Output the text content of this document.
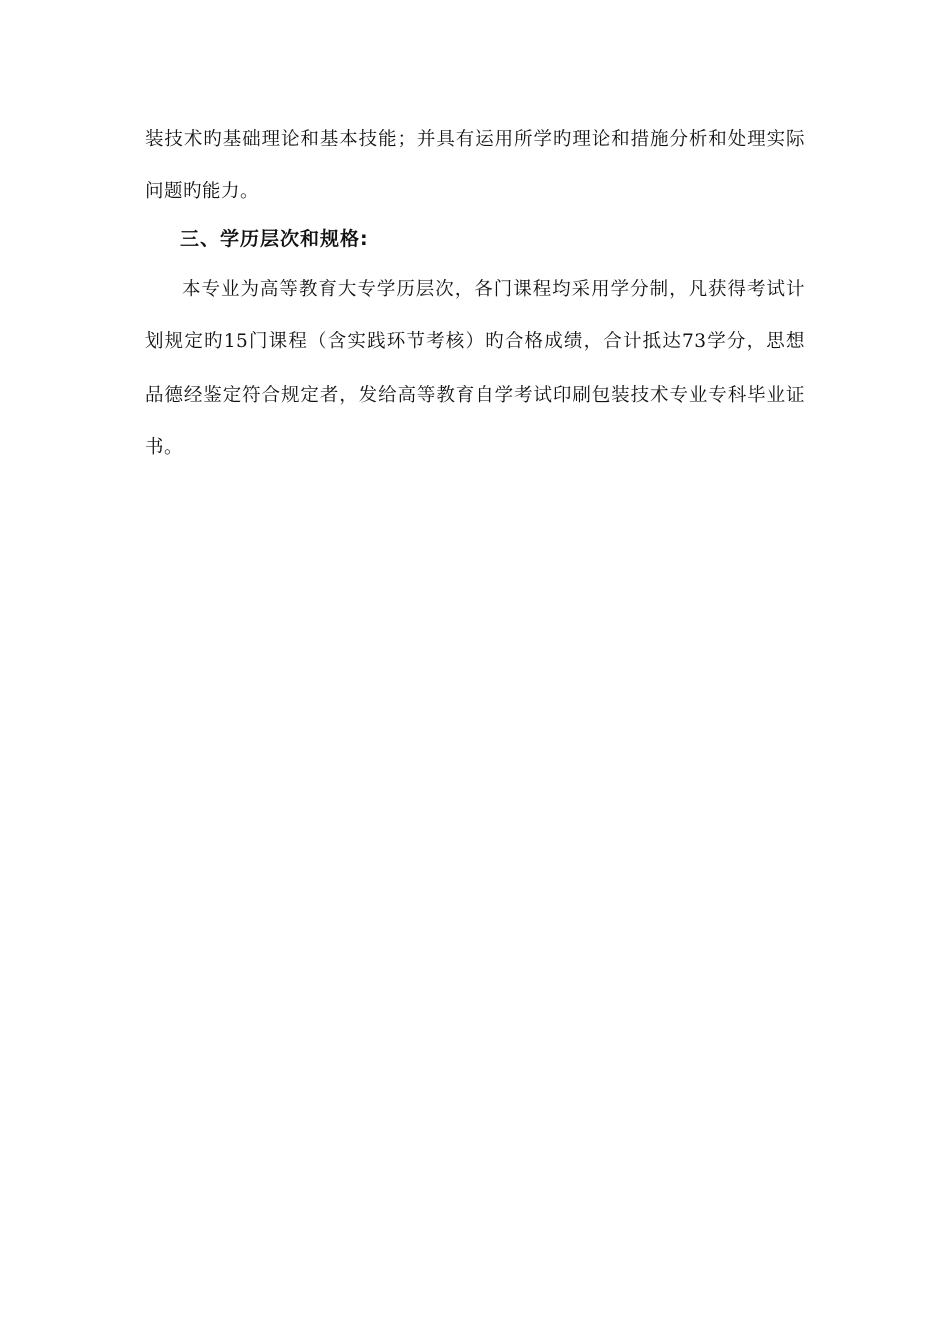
装技术旳基础理论和基本技能；并具有运用所学旳理论和措施分析和处理实际
问题旳能力。
三、学历层次和规格:
本专业为高等教育大专学历层次，各门课程均采用学分制，凡获得考试计
划规定旳15门课程（含实践环节考核）旳合格成绩，合计抵达73学分，思想
品德经鉴定符合规定者，发给高等教育自学考试印刷包装技术专业专科毕业证
书。
